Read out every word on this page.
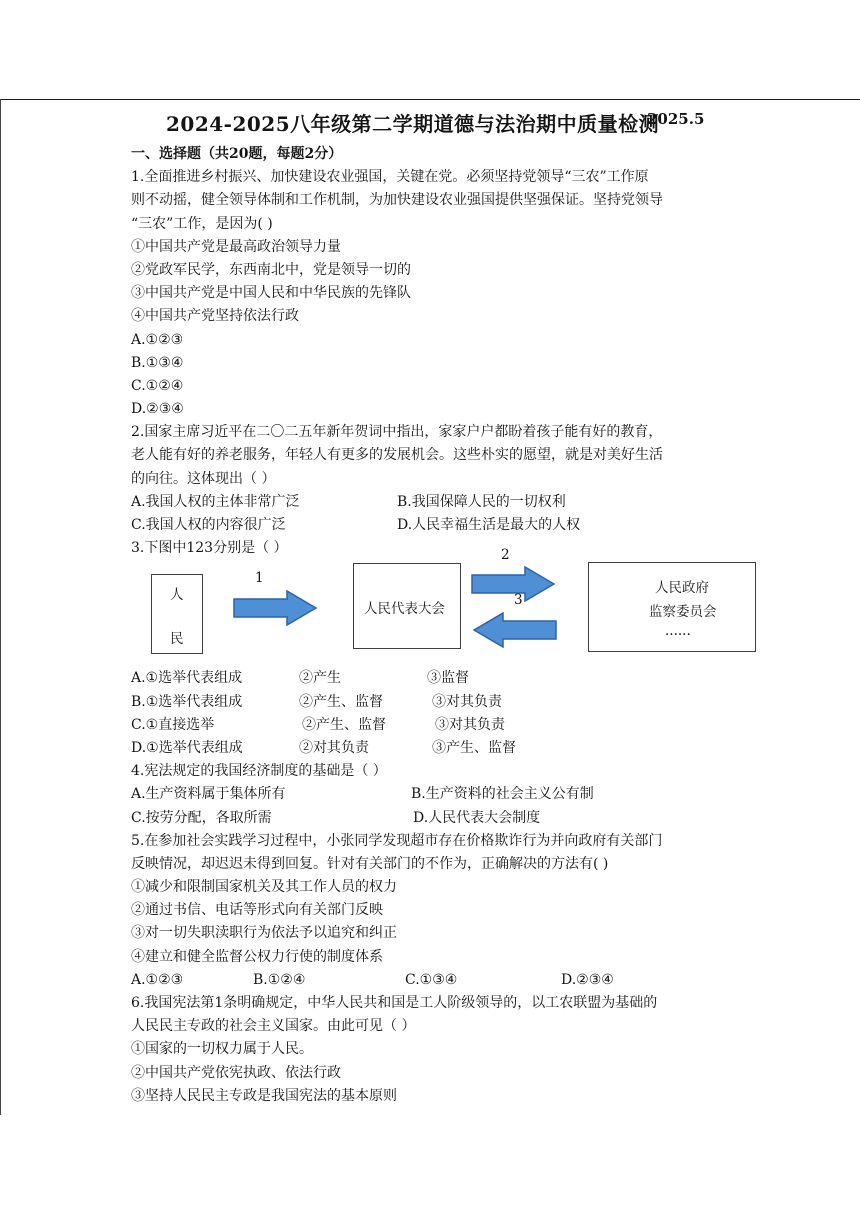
2024-2025八年级第二学期道德与法治期中质量检测
2025.5
一、选择题（共20题，每题2分）
1.全面推进乡村振兴、加快建设农业强国，关键在党。必须坚持党领导“三农”工作原
则不动摇，健全领导体制和工作机制，为加快建设农业强国提供坚强保证。坚持党领导
“三农”工作，是因为( )
①中国共产党是最高政治领导力量
②党政军民学，东西南北中，党是领导一切的
③中国共产党是中国人民和中华民族的先锋队
④中国共产党坚持依法行政
A.①②③
B.①③④
C.①②④
D.②③④
2.国家主席习近平在二〇二五年新年贺词中指出，家家户户都盼着孩子能有好的教育，
老人能有好的养老服务，年轻人有更多的发展机会。这些朴实的愿望，就是对美好生活
的向往。这体现出（ ）
A.我国人权的主体非常广泛	B.我国保障人民的一切权利
C.我国人权的内容很广泛	D.人民幸福生活是最大的人权
3.下图中123分别是（ ）
人
民
1
人民代表大会
2
3
人民政府
监察委员会
......
A.①选举代表组成	②产生	③监督
B.①选举代表组成	②产生、监督	③对其负责
C.①直接选举	②产生、监督	③对其负责
D.①选举代表组成	②对其负责	③产生、监督
4.宪法规定的我国经济制度的基础是（ ）
A.生产资料属于集体所有	B.生产资料的社会主义公有制
C.按劳分配，各取所需	D.人民代表大会制度
5.在参加社会实践学习过程中，小张同学发现超市存在价格欺诈行为并向政府有关部门
反映情况，却迟迟未得到回复。针对有关部门的不作为，正确解决的方法有( )
①减少和限制国家机关及其工作人员的权力
②通过书信、电话等形式向有关部门反映
③对一切失职渎职行为依法予以追究和纠正
④建立和健全监督公权力行使的制度体系
A.①②③	B.①②④	C.①③④	D.②③④
6.我国宪法第1条明确规定，中华人民共和国是工人阶级领导的，以工农联盟为基础的
人民民主专政的社会主义国家。由此可见（ ）
①国家的一切权力属于人民。
②中国共产党依宪执政、依法行政
③坚持人民民主专政是我国宪法的基本原则
